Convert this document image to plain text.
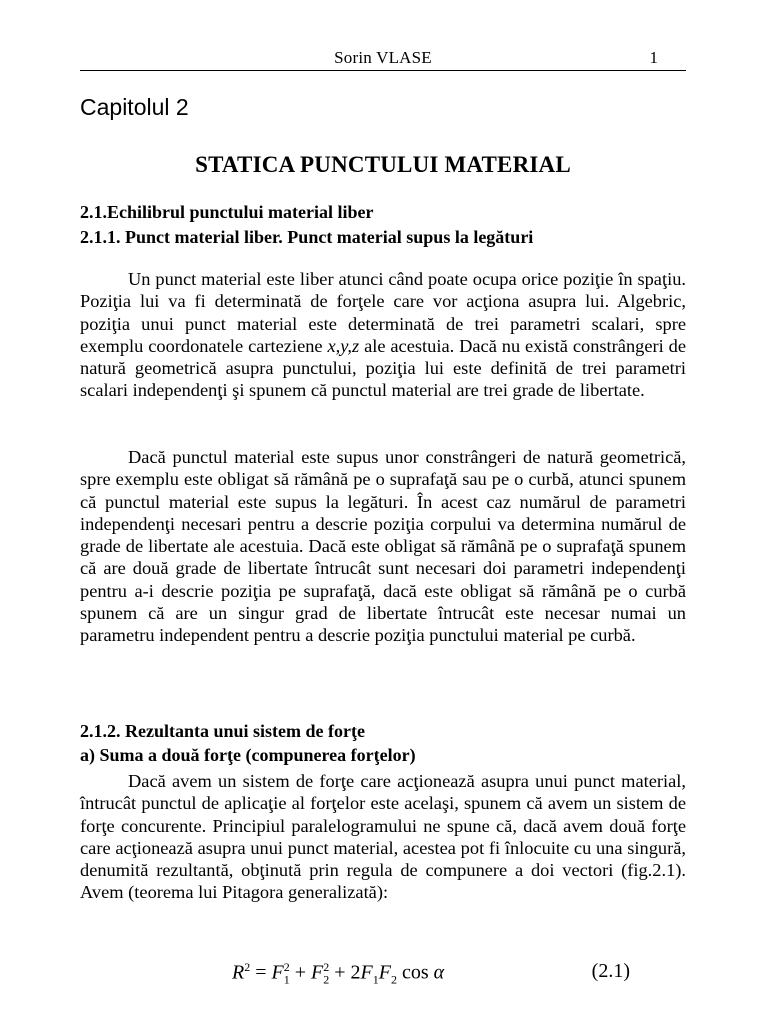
Sorin VLASE	1
Capitolul 2
STATICA PUNCTULUI MATERIAL
2.1.Echilibrul punctului material liber
2.1.1. Punct material liber. Punct material supus la legături

Un punct material este liber atunci când poate ocupa orice poziţie în spaţiu. Poziţia lui va fi determinată de forţele care vor acţiona asupra lui. Algebric, poziţia unui punct material este determinată de trei parametri scalari, spre exemplu coordonatele carteziene x,y,z ale acestuia. Dacă nu există constrângeri de natură geometrică asupra punctului, poziţia lui este definită de trei parametri scalari independenţi şi spunem că punctul material are trei grade de libertate.

Dacă punctul material este supus unor constrângeri de natură geometrică, spre exemplu este obligat să rămână pe o suprafaţă sau pe o curbă, atunci spunem că punctul material este supus la legături. În acest caz numărul de parametri independenţi necesari pentru a descrie poziţia corpului va determina numărul de grade de libertate ale acestuia. Dacă este obligat să rămână pe o suprafaţă spunem că are două grade de libertate întrucât sunt necesari doi parametri independenţi pentru a-i descrie poziţia pe suprafaţă, dacă este obligat să rămână pe o curbă spunem că are un singur grad de libertate întrucât este necesar numai un parametru independent pentru a descrie poziţia punctului material pe curbă.

2.1.2. Rezultanta unui sistem de forţe
a) Suma a două forţe (compunerea forţelor)

Dacă avem un sistem de forţe care acţionează asupra unui punct material, întrucât punctul de aplicaţie al forţelor este acelaşi, spunem că avem un sistem de forţe concurente. Principiul paralelogramului ne spune că, dacă avem două forţe care acţionează asupra unui punct material, acestea pot fi înlocuite cu una singură, denumită rezultantă, obţinută prin regula de compunere a doi vectori (fig.2.1). Avem (teorema lui Pitagora generalizată):

$R^2 = F_1^2 + F_2^2 + 2F_1F_2$ cos α	(2.1)
